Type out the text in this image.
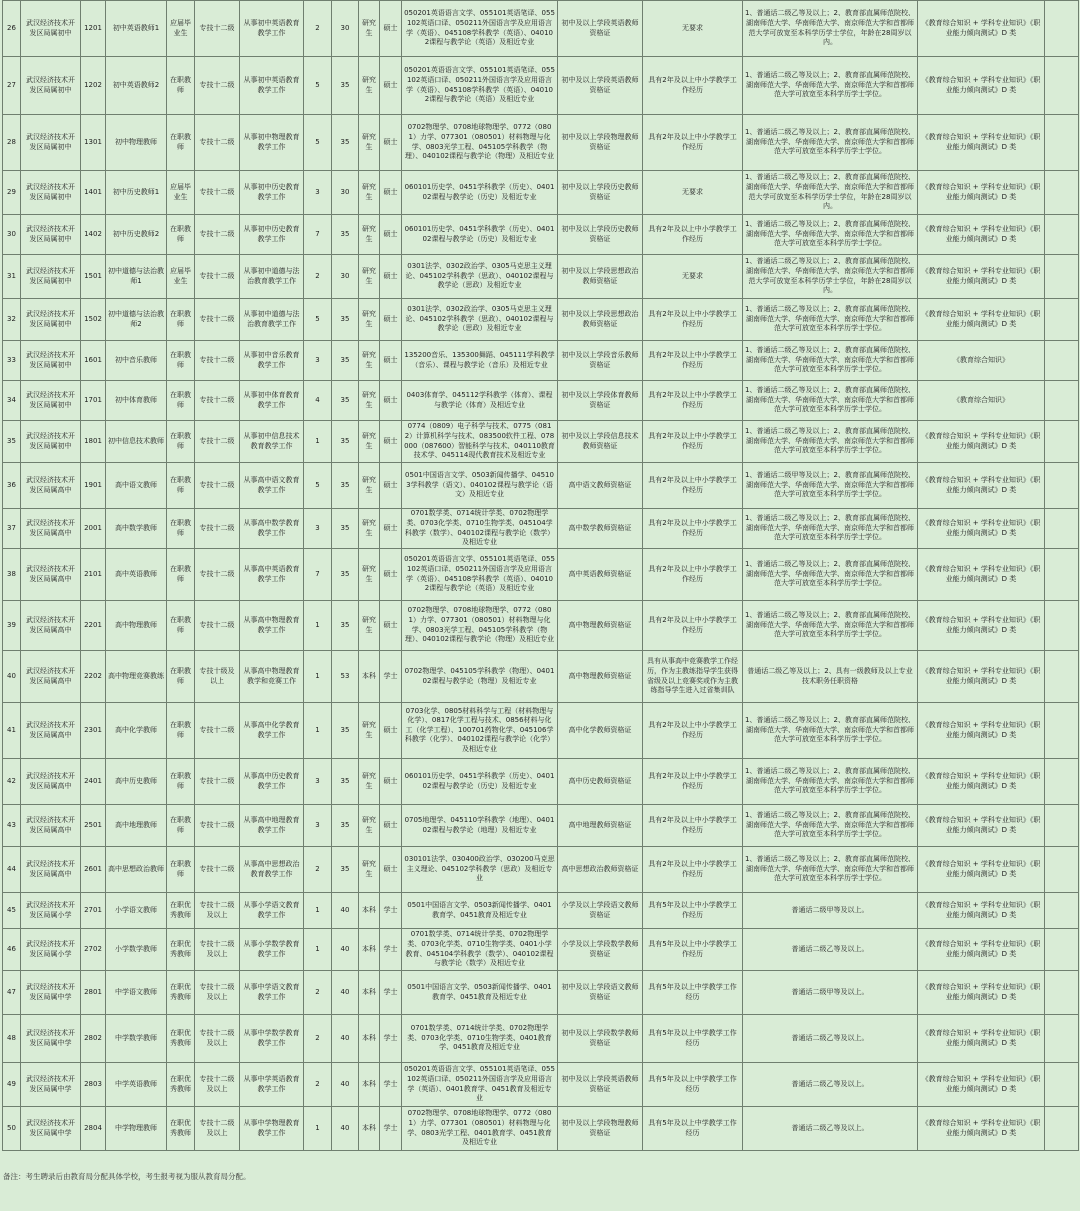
26	武汉经济技术开发区局属初中	1201	初中英语教师1	应届毕业生	专技十二级	从事初中英语教育教学工作	2	30	研究生	硕士	050201英语语言文学、055101英语笔译、055102英语口译、050211外国语言学及应用语言学（英语）、045108学科教学（英语）、040102课程与教学论（英语）及相近专业	初中及以上学段英语教师资格证	无要求	1、普通话二级乙等及以上；2、教育部直属师范院校、湖南师范大学、华南师范大学、南京师范大学和首都师范大学可放宽至本科学历学士学位，年龄在28周岁以内。	《教育综合知识 + 学科专业知识》《职业能力倾向测试》D 类	
27	武汉经济技术开发区局属初中	1202	初中英语教师2	在职教师	专技十二级	从事初中英语教育教学工作	5	35	研究生	硕士	050201英语语言文学、055101英语笔译、055102英语口译、050211外国语言学及应用语言学（英语）、045108学科教学（英语）、040102课程与教学论（英语）及相近专业	初中及以上学段英语教师资格证	具有2年及以上中小学教学工作经历	1、普通话二级乙等及以上；2、教育部直属师范院校、湖南师范大学、华南师范大学、南京师范大学和首都师范大学可放宽至本科学历学士学位。	《教育综合知识 + 学科专业知识》《职业能力倾向测试》D 类	
28	武汉经济技术开发区局属初中	1301	初中物理教师	在职教师	专技十二级	从事初中物理教育教学工作	5	35	研究生	硕士	0702物理学、0708地球物理学、0772（0801）力学、077301（080501）材料物理与化学、0803光学工程、045105学科教学（物理）、040102课程与教学论（物理）及相近专业	初中及以上学段物理教师资格证	具有2年及以上中小学教学工作经历	1、普通话二级乙等及以上；2、教育部直属师范院校、湖南师范大学、华南师范大学、南京师范大学和首都师范大学可放宽至本科学历学士学位。	《教育综合知识 + 学科专业知识》《职业能力倾向测试》D 类	
29	武汉经济技术开发区局属初中	1401	初中历史教师1	应届毕业生	专技十二级	从事初中历史教育教学工作	3	30	研究生	硕士	060101历史学、0451学科教学（历史）、040102课程与教学论（历史）及相近专业	初中及以上学段历史教师资格证	无要求	1、普通话二级乙等及以上；2、教育部直属师范院校、湖南师范大学、华南师范大学、南京师范大学和首都师范大学可放宽至本科学历学士学位，年龄在28周岁以内。	《教育综合知识 + 学科专业知识》《职业能力倾向测试》D 类	
30	武汉经济技术开发区局属初中	1402	初中历史教师2	在职教师	专技十二级	从事初中历史教育教学工作	7	35	研究生	硕士	060101历史学、0451学科教学（历史）、040102课程与教学论（历史）及相近专业	初中及以上学段历史教师资格证	具有2年及以上中小学教学工作经历	1、普通话二级乙等及以上；2、教育部直属师范院校、湖南师范大学、华南师范大学、南京师范大学和首都师范大学可放宽至本科学历学士学位。	《教育综合知识 + 学科专业知识》《职业能力倾向测试》D 类	
31	武汉经济技术开发区局属初中	1501	初中道德与法治教师1	应届毕业生	专技十二级	从事初中道德与法治教育教学工作	2	30	研究生	硕士	0301法学、0302政治学、0305马克思主义理论、045102学科教学（思政）、040102课程与教学论（思政）及相近专业	初中及以上学段思想政治教师资格证	无要求	1、普通话二级乙等及以上；2、教育部直属师范院校、湖南师范大学、华南师范大学、南京师范大学和首都师范大学可放宽至本科学历学士学位，年龄在28周岁以内。	《教育综合知识 + 学科专业知识》《职业能力倾向测试》D 类	
32	武汉经济技术开发区局属初中	1502	初中道德与法治教师2	在职教师	专技十二级	从事初中道德与法治教育教学工作	5	35	研究生	硕士	0301法学、0302政治学、0305马克思主义理论、045102学科教学（思政）、040102课程与教学论（思政）及相近专业	初中及以上学段思想政治教师资格证	具有2年及以上中小学教学工作经历	1、普通话二级乙等及以上；2、教育部直属师范院校、湖南师范大学、华南师范大学、南京师范大学和首都师范大学可放宽至本科学历学士学位。	《教育综合知识 + 学科专业知识》《职业能力倾向测试》D 类	
33	武汉经济技术开发区局属初中	1601	初中音乐教师	在职教师	专技十二级	从事初中音乐教育教学工作	3	35	研究生	硕士	135200音乐、135300舞蹈、045111学科教学（音乐）、课程与教学论（音乐）及相近专业	初中及以上学段音乐教师资格证	具有2年及以上中小学教学工作经历	1、普通话二级乙等及以上；2、教育部直属师范院校、湖南师范大学、华南师范大学、南京师范大学和首都师范大学可放宽至本科学历学士学位。	《教育综合知识》	
34	武汉经济技术开发区局属初中	1701	初中体育教师	在职教师	专技十二级	从事初中体育教育教学工作	4	35	研究生	硕士	0403体育学、045112学科教学（体育）、课程与教学论（体育）及相近专业	初中及以上学段体育教师资格证	具有2年及以上中小学教学工作经历	1、普通话二级乙等及以上；2、教育部直属师范院校、湖南师范大学、华南师范大学、南京师范大学和首都师范大学可放宽至本科学历学士学位。	《教育综合知识》	
35	武汉经济技术开发区局属初中	1801	初中信息技术教师	在职教师	专技十二级	从事初中信息技术教育教学工作	1	35	研究生	硕士	0774（0809）电子科学与技术、0775（0812）计算机科学与技术、083500软件工程、078000（087600）智能科学与技术、040110教育技术学、045114现代教育技术及相近专业	初中及以上学段信息技术教师资格证	具有2年及以上中小学教学工作经历	1、普通话二级乙等及以上；2、教育部直属师范院校、湖南师范大学、华南师范大学、南京师范大学和首都师范大学可放宽至本科学历学士学位。	《教育综合知识 + 学科专业知识》《职业能力倾向测试》D 类	
36	武汉经济技术开发区局属高中	1901	高中语文教师	在职教师	专技十二级	从事高中语文教育教学工作	5	35	研究生	硕士	0501中国语言文学、0503新闻传播学、045103学科教学（语文）、040102课程与教学论（语文）及相近专业	高中语文教师资格证	具有2年及以上中小学教学工作经历	1、普通话二级甲等及以上；2、教育部直属师范院校、湖南师范大学、华南师范大学、南京师范大学和首都师范大学可放宽至本科学历学士学位。	《教育综合知识 + 学科专业知识》《职业能力倾向测试》D 类	
37	武汉经济技术开发区局属高中	2001	高中数学教师	在职教师	专技十二级	从事高中数学教育教学工作	3	35	研究生	硕士	0701数学类、0714统计学类、0702物理学类、0703化学类、0710生物学类、045104学科教学（数学）、040102课程与教学论（数学）及相近专业	高中数学教师资格证	具有2年及以上中小学教学工作经历	1、普通话二级乙等及以上；2、教育部直属师范院校、湖南师范大学、华南师范大学、南京师范大学和首都师范大学可放宽至本科学历学士学位。	《教育综合知识 + 学科专业知识》《职业能力倾向测试》D 类	
38	武汉经济技术开发区局属高中	2101	高中英语教师	在职教师	专技十二级	从事高中英语教育教学工作	7	35	研究生	硕士	050201英语语言文学、055101英语笔译、055102英语口译、050211外国语言学及应用语言学（英语）、045108学科教学（英语）、040102课程与教学论（英语）及相近专业	高中英语教师资格证	具有2年及以上中小学教学工作经历	1、普通话二级乙等及以上；2、教育部直属师范院校、湖南师范大学、华南师范大学、南京师范大学和首都师范大学可放宽至本科学历学士学位。	《教育综合知识 + 学科专业知识》《职业能力倾向测试》D 类	
39	武汉经济技术开发区局属高中	2201	高中物理教师	在职教师	专技十二级	从事高中物理教育教学工作	1	35	研究生	硕士	0702物理学、0708地球物理学、0772（0801）力学、077301（080501）材料物理与化学、0803光学工程、045105学科教学（物理）、040102课程与教学论（物理）及相近专业	高中物理教师资格证	具有2年及以上中小学教学工作经历	1、普通话二级乙等及以上；2、教育部直属师范院校、湖南师范大学、华南师范大学、南京师范大学和首都师范大学可放宽至本科学历学士学位。	《教育综合知识 + 学科专业知识》《职业能力倾向测试》D 类	
40	武汉经济技术开发区局属高中	2202	高中物理竞赛教练	在职教师	专技十级及以上	从事高中物理教育教学和竞赛工作	1	53	本科	学士	0702物理学、045105学科教学（物理）、040102课程与教学论（物理）及相近专业	高中物理教师资格证	具有从事高中竞赛教学工作经历，作为主教练指导学生获得省级及以上竞赛奖或作为主教练指导学生进入过省集训队	普通话二级乙等及以上；2、具有一级教师及以上专业技术职务任职资格	《教育综合知识 + 学科专业知识》《职业能力倾向测试》D 类	
41	武汉经济技术开发区局属高中	2301	高中化学教师	在职教师	专技十二级	从事高中化学教育教学工作	1	35	研究生	硕士	0703化学、0805材料科学与工程（材料物理与化学）、0817化学工程与技术、0856材料与化工（化学工程）、100701药物化学、045106学科教学（化学）、040102课程与教学论（化学）及相近专业	高中化学教师资格证	具有2年及以上中小学教学工作经历	1、普通话二级乙等及以上；2、教育部直属师范院校、湖南师范大学、华南师范大学、南京师范大学和首都师范大学可放宽至本科学历学士学位。	《教育综合知识 + 学科专业知识》《职业能力倾向测试》D 类	
42	武汉经济技术开发区局属高中	2401	高中历史教师	在职教师	专技十二级	从事高中历史教育教学工作	3	35	研究生	硕士	060101历史学、0451学科教学（历史）、040102课程与教学论（历史）及相近专业	高中历史教师资格证	具有2年及以上中小学教学工作经历	1、普通话二级乙等及以上；2、教育部直属师范院校、湖南师范大学、华南师范大学、南京师范大学和首都师范大学可放宽至本科学历学士学位。	《教育综合知识 + 学科专业知识》《职业能力倾向测试》D 类	
43	武汉经济技术开发区局属高中	2501	高中地理教师	在职教师	专技十二级	从事高中地理教育教学工作	3	35	研究生	硕士	0705地理学、045110学科教学（地理）、040102课程与教学论（地理）及相近专业	高中地理教师资格证	具有2年及以上中小学教学工作经历	1、普通话二级乙等及以上；2、教育部直属师范院校、湖南师范大学、华南师范大学、南京师范大学和首都师范大学可放宽至本科学历学士学位。	《教育综合知识 + 学科专业知识》《职业能力倾向测试》D 类	
44	武汉经济技术开发区局属高中	2601	高中思想政治教师	在职教师	专技十二级	从事高中思想政治教育教学工作	2	35	研究生	硕士	030101法学、030400政治学、030200马克思主义理论、045102学科教学（思政）及相近专业	高中思想政治教师资格证	具有2年及以上中小学教学工作经历	1、普通话二级乙等及以上；2、教育部直属师范院校、湖南师范大学、华南师范大学、南京师范大学和首都师范大学可放宽至本科学历学士学位。	《教育综合知识 + 学科专业知识》《职业能力倾向测试》D 类	
45	武汉经济技术开发区局属小学	2701	小学语文教师	在职优秀教师	专技十二级及以上	从事小学语文教育教学工作	1	40	本科	学士	0501中国语言文学、0503新闻传播学、0401教育学、0451教育及相近专业	小学及以上学段语文教师资格证	具有5年及以上中小学教学工作经历	普通话二级甲等及以上。	《教育综合知识 + 学科专业知识》《职业能力倾向测试》D 类	
46	武汉经济技术开发区局属小学	2702	小学数学教师	在职优秀教师	专技十二级及以上	从事小学数学教育教学工作	1	40	本科	学士	0701数学类、0714统计学类、0702物理学类、0703化学类、0710生物学类、0401小学教育、045104学科教学（数学）、040102课程与教学论（数学）及相近专业	小学及以上学段数学教师资格证	具有5年及以上中小学教学工作经历	普通话二级乙等及以上。	《教育综合知识 + 学科专业知识》《职业能力倾向测试》D 类	
47	武汉经济技术开发区局属中学	2801	中学语文教师	在职优秀教师	专技十二级及以上	从事中学语文教育教学工作	2	40	本科	学士	0501中国语言文学、0503新闻传播学、0401教育学、0451教育及相近专业	初中及以上学段语文教师资格证	具有5年及以上中学教学工作经历	普通话二级甲等及以上。	《教育综合知识 + 学科专业知识》《职业能力倾向测试》D 类	
48	武汉经济技术开发区局属中学	2802	中学数学教师	在职优秀教师	专技十二级及以上	从事中学数学教育教学工作	2	40	本科	学士	0701数学类、0714统计学类、0702物理学类、0703化学类、0710生物学类、0401教育学、0451教育及相近专业	初中及以上学段数学教师资格证	具有5年及以上中学教学工作经历	普通话二级乙等及以上。	《教育综合知识 + 学科专业知识》《职业能力倾向测试》D 类	
49	武汉经济技术开发区局属中学	2803	中学英语教师	在职优秀教师	专技十二级及以上	从事中学英语教育教学工作	2	40	本科	学士	050201英语语言文学、055101英语笔译、055102英语口译、050211外国语言学及应用语言学（英语）、0401教育学、0451教育及相近专业	初中及以上学段英语教师资格证	具有5年及以上中学教学工作经历	普通话二级乙等及以上。	《教育综合知识 + 学科专业知识》《职业能力倾向测试》D 类	
50	武汉经济技术开发区局属中学	2804	中学物理教师	在职优秀教师	专技十二级及以上	从事中学物理教育教学工作	1	40	本科	学士	0702物理学、0708地球物理学、0772（0801）力学、077301（080501）材料物理与化学、0803光学工程、0401教育学、0451教育及相近专业	初中及以上学段物理教师资格证	具有5年及以上中学教学工作经历	普通话二级乙等及以上。	《教育综合知识 + 学科专业知识》《职业能力倾向测试》D 类	
备注：考生聘录后由教育局分配具体学校，考生报考视为服从教育局分配。
